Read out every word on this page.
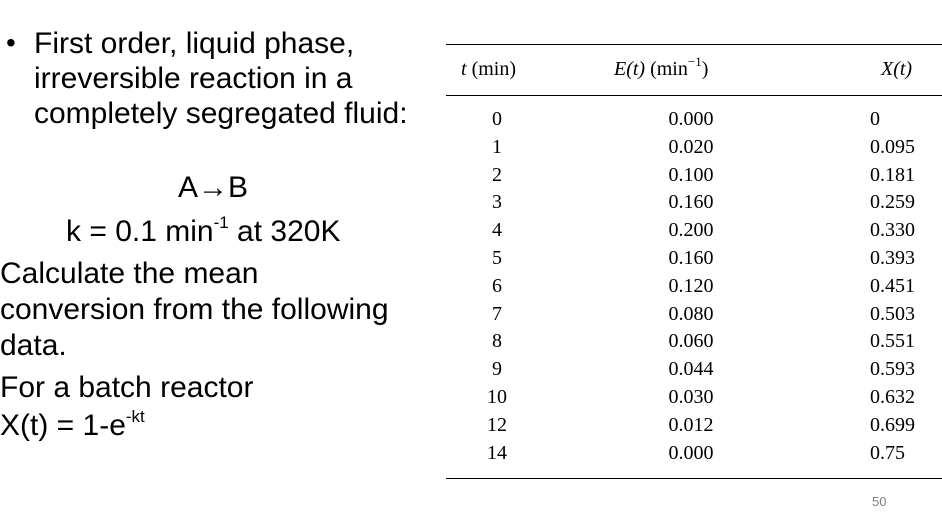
• First order, liquid phase, irreversible reaction in a completely segregated fluid:
A→B
k = 0.1 $\min^{-1}$ at 320K
Calculate the mean
conversion from the following
data.
For a batch reactor
$X(t) = 1-e^{-kt}$
t (min)	E(t) $(\min^{-1})$	X(t)
0	0.000	0
1	0.020	0.095
2	0.100	0.181
3	0.160	0.259
4	0.200	0.330
5	0.160	0.393
6	0.120	0.451
7	0.080	0.503
8	0.060	0.551
9	0.044	0.593
10	0.030	0.632
12	0.012	0.699
14	0.000	0.75
50
